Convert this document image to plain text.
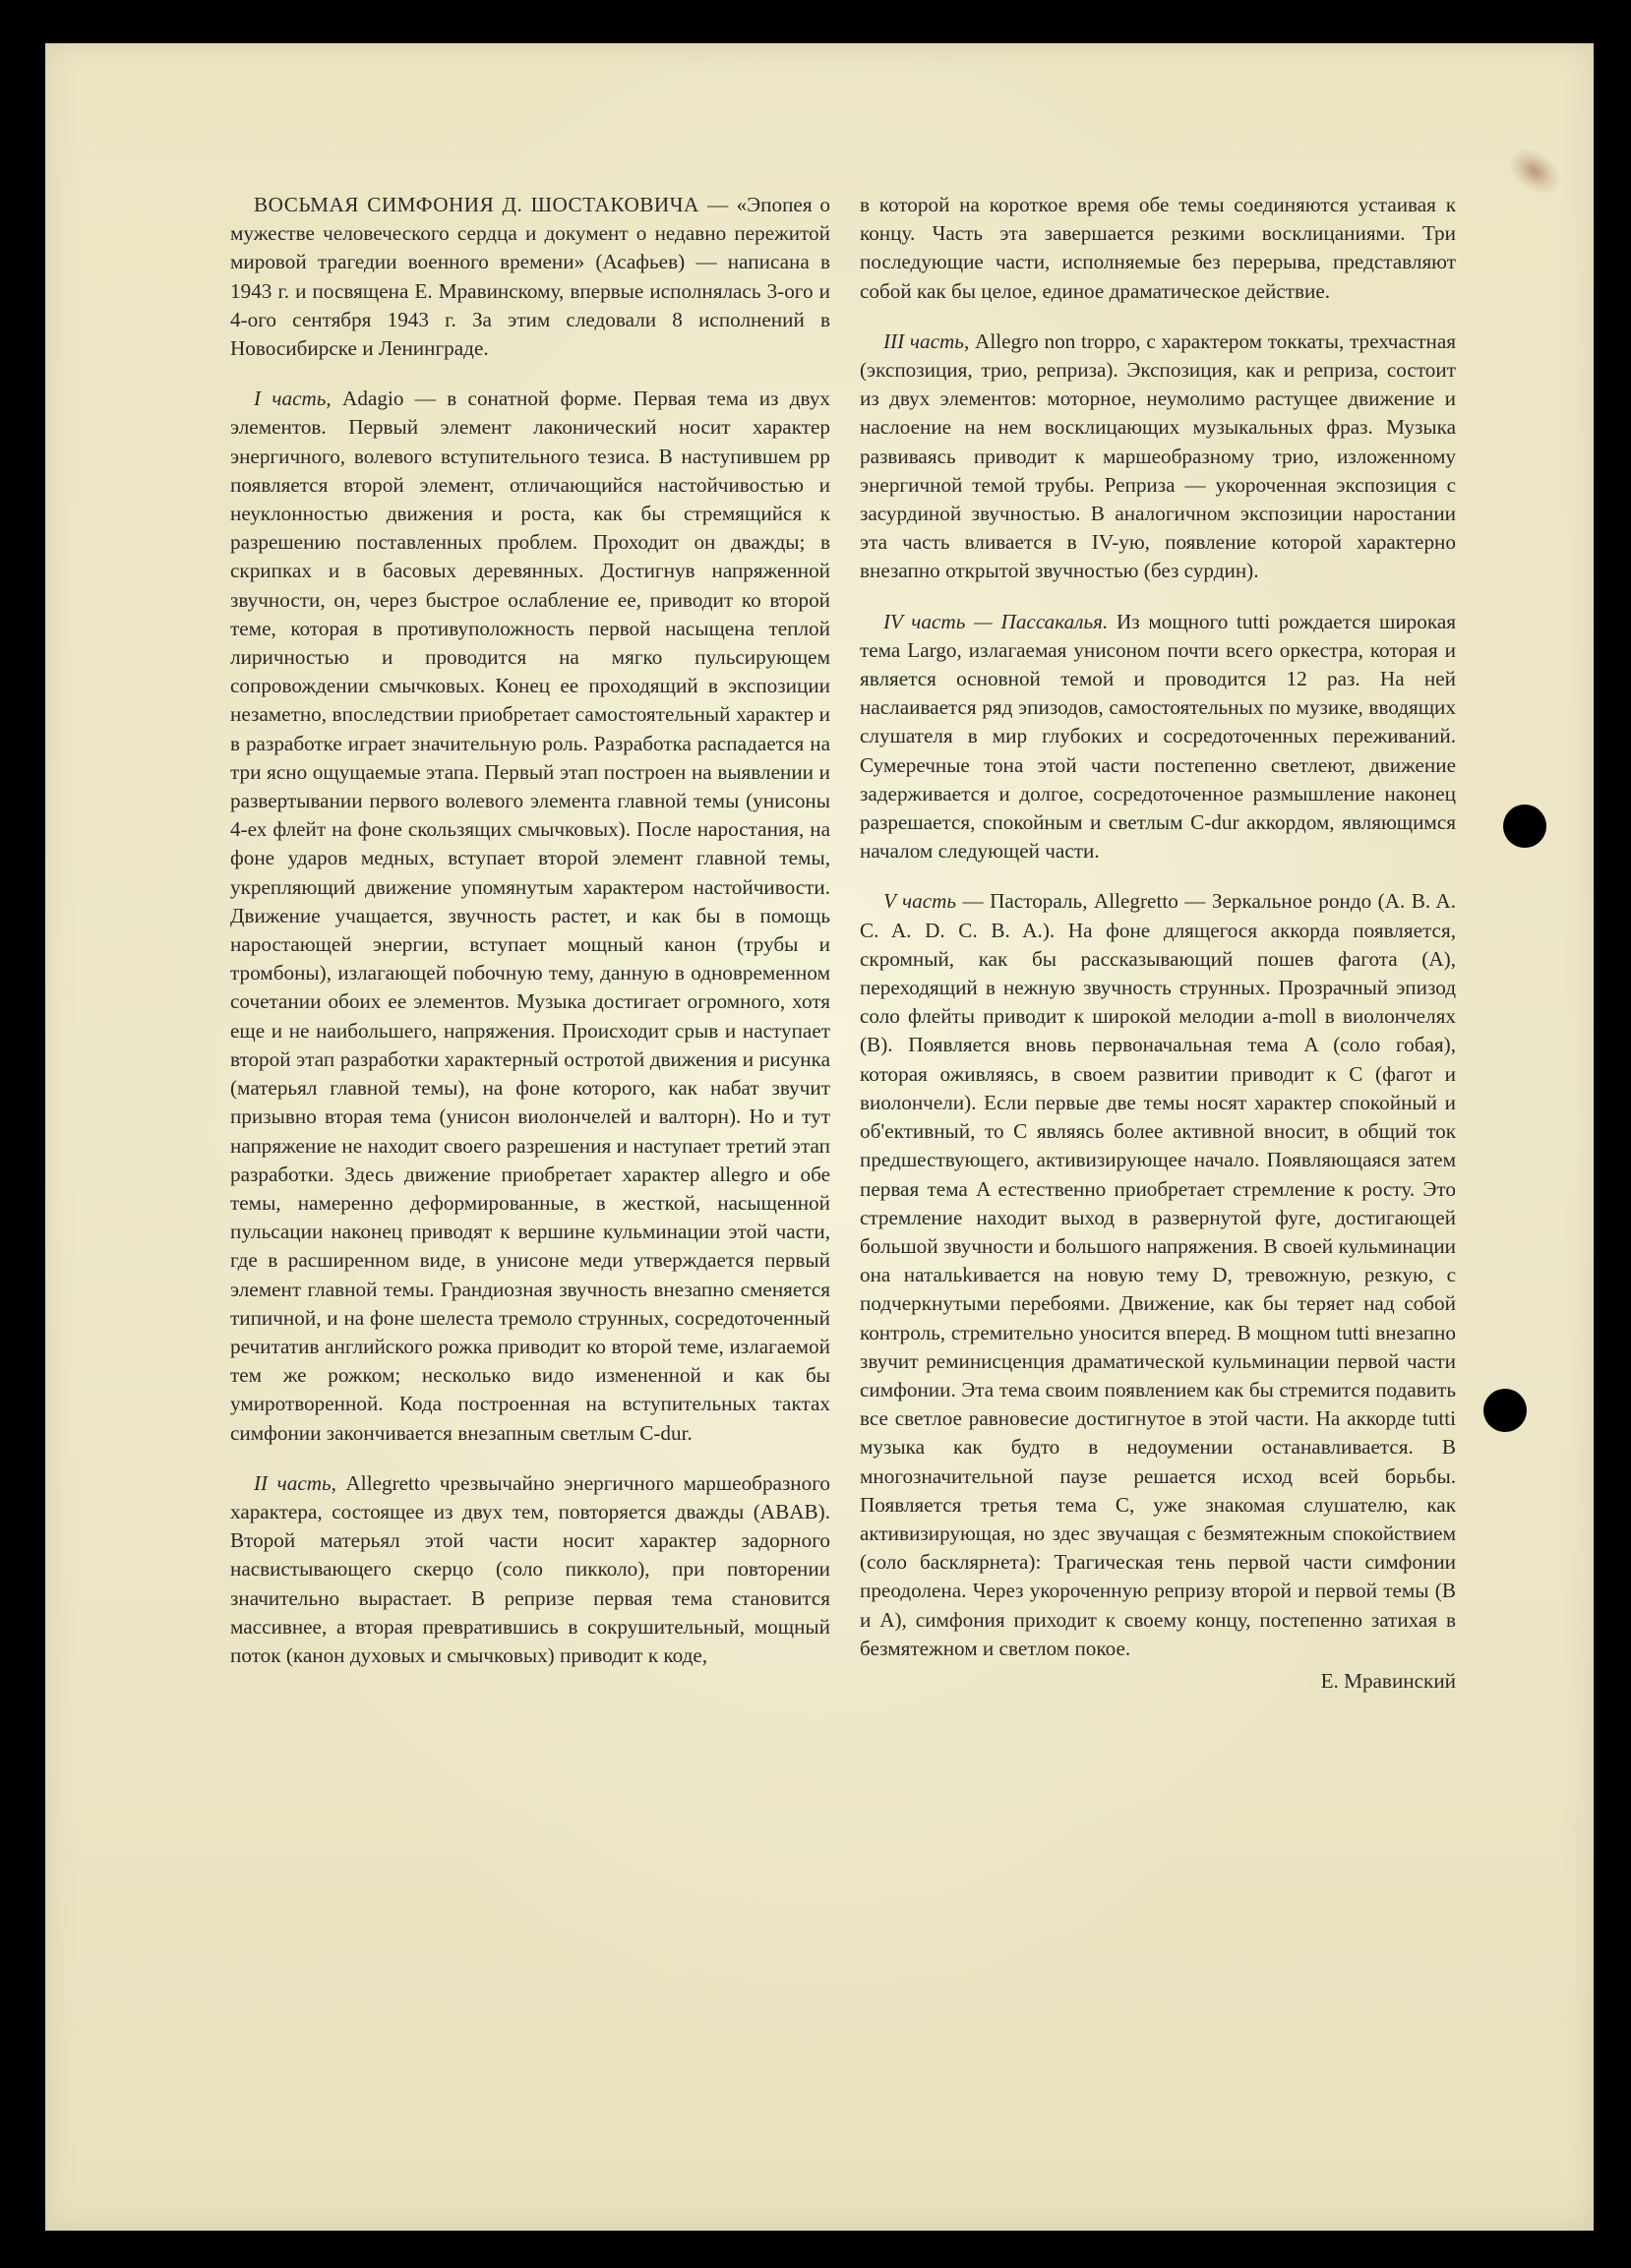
ВОСЬМАЯ СИМФОНИЯ Д. ШОСТАКОВИЧА — «Эпопея о мужестве человеческого сердца и документ о недавно пережитой мировой трагедии военного времени» (Асафьев) — написана в 1943 г. и посвящена Е. Мравинскому, впервые исполнялась 3-ого и 4-ого сентября 1943 г. За этим следовали 8 исполнений в Новосибирске и Ленинграде.

I часть, Adagio — в сонатной форме. Первая тема из двух элементов. Первый элемент лаконический носит характер энергичного, волевого вступительного тезиса. В наступившем pp появляется второй элемент, отличающийся настойчивостью и неуклонностью движения и роста, как бы стремящийся к разрешению поставленных проблем. Проходит он дважды; в скрипках и в басовых деревянных. Достигнув напряженной звучности, он, через быстрое ослабление ее, приводит ко второй теме, которая в противуположность первой насыщена теплой лиричностью и проводится на мягко пульсирующем сопровождении смычковых. Конец ее проходящий в экспозиции незаметно, впоследствии приобретает самостоятельный характер и в разработке играет значительную роль. Разработка распадается на три ясно ощущаемые этапа. Первый этап построен на выявлении и развертывании первого волевого элемента главной темы (унисоны 4-ех флейт на фоне скользящих смычковых). После наростания, на фоне ударов медных, вступает второй элемент главной темы, укрепляющий движение упомянутым характером настойчивости. Движение учащается, звучность растет, и как бы в помощь наростающей энергии, вступает мощный канон (трубы и тромбоны), излагающей побочную тему, данную в одновременном сочетании обоих ее элементов. Музыка достигает огромного, хотя еще и не наибольшего, напряжения. Происходит срыв и наступает второй этап разработки характерный остротой движения и рисунка (матерьял главной темы), на фоне которого, как набат звучит призывно вторая тема (унисон виолончелей и валторн). Но и тут напряжение не находит своего разрешения и наступает третий этап разработки. Здесь движение приобретает характер allegro и обе темы, намеренно деформированные, в жесткой, насыщенной пульсации наконец приводят к вершине кульминации этой части, где в расширенном виде, в унисоне меди утверждается первый элемент главной темы. Грандиозная звучность внезапно сменяется типичной, и на фоне шелеста тремоло струнных, сосредоточенный речитатив английского рожка приводит ко второй теме, излагаемой тем же рожком; несколько видо измененной и как бы умиротворенной. Кода построенная на вступительных тактах симфонии закончивается внезапным светлым C-dur.

II часть, Allegretto чрезвычайно энергичного маршеобразного характера, состоящее из двух тем, повторяется дважды (ABAB). Второй матерьял этой части носит характер задорного насвистывающего скерцо (соло пикколо), при повторении значительно вырастает. В репризе первая тема становится массивнее, а вторая превратившись в сокрушительный, мощный поток (канон духовых и смычковых) приводит к коде,

в которой на короткое время обе темы соединяются устаивая к концу. Часть эта завершается резкими восклицаниями. Три последующие части, исполняемые без перерыва, представляют собой как бы целое, единое драматическое действие.

III часть, Allegro non troppo, с характером токкаты, трехчастная (экспозиция, трио, реприза). Экспозиция, как и реприза, состоит из двух элементов: моторное, неумолимо растущее движение и наслоение на нем восклицающих музыкальных фраз. Музыка развиваясь приводит к маршеобразному трио, изложенному энергичной темой трубы. Реприза — укороченная экспозиция с засурдиной звучностью. В аналогичном экспозиции наростании эта часть вливается в IV-ую, появление которой характерно внезапно открытой звучностью (без сурдин).

IV часть — Пассакалья. Из мощного tutti рождается широкая тема Largo, излагаемая унисоном почти всего оркестра, которая и является основной темой и проводится 12 раз. На ней наслаивается ряд эпизодов, самостоятельных по музике, вводящих слушателя в мир глубоких и сосредоточенных переживаний. Сумеречные тона этой части постепенно светлеют, движение задерживается и долгое, сосредоточенное размышление наконец разрешается, спокойным и светлым C-dur аккордом, являющимся началом следующей части.

V часть — Пастораль, Allegretto — Зеркальное рондо (A. B. A. C. A. D. C. B. A.). На фоне длящегося аккорда появляется, скромный, как бы рассказывающий пошев фагота (A), переходящий в нежную звучность струнных. Прозрачный эпизод соло флейты приводит к широкой мелодии a-moll в виолончелях (B). Появляется вновь первоначальная тема A (соло гобая), которая оживляясь, в своем развитии приводит к C (фагот и виолончели). Если первые две темы носят характер спокойный и об'ективный, то C являясь более активной вносит, в общий ток предшествующего, активизирующее начало. Появляющаяся затем первая тема A естественно приобретает стремление к росту. Это стремление находит выход в развернутой фуге, достигающей большой звучности и большого напряжения. В своей кульминации она натальkивается на новую тему D, тревожную, резкую, с подчеркнутыми перебоями. Движение, как бы теряет над собой контроль, стремительно уносится вперед. В мощном tutti внезапно звучит реминисценция драматической кульминации первой части симфонии. Эта тема своим появлением как бы стремится подавить все светлое равновесие достигнутое в этой части. На аккорде tutti музыка как будто в недоумении останавливается. В многозначительной паузе решается исход всей борьбы. Появляется третья тема C, уже знакомая слушателю, как активизирующая, но здес звучащая с безмятежным спокойствием (соло басклярнета): Трагическая тень первой части симфонии преодолена. Через укороченную репризу второй и первой темы (B и A), симфония приходит к своему концу, постепенно затихая в безмятежном и светлом покое.

Е. Мравинский
